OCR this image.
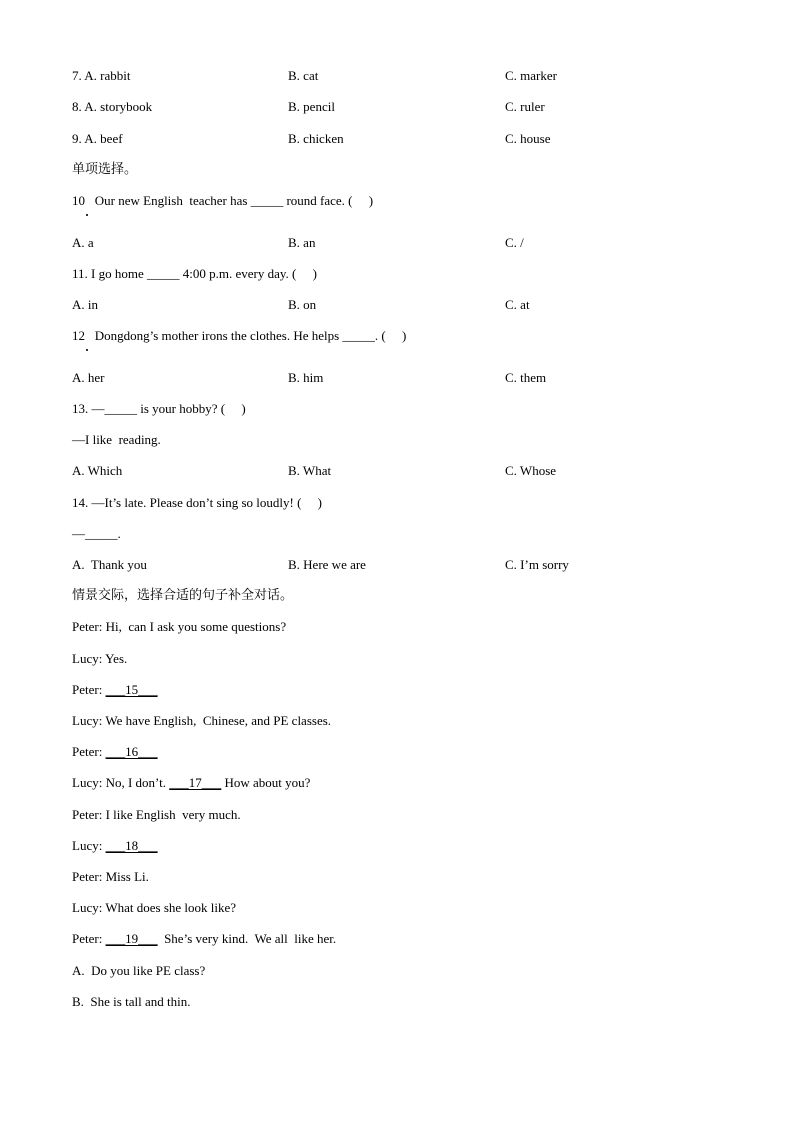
7. A. rabbit	B. cat	C. marker
8. A. storybook	B. pencil	C. ruler
9. A. beef	B. chicken	C. house
单项选择。
10   Our new English  teacher has _____ round face. (     )
A. a	B. an	C. /
11. I go home _____ 4:00 p.m. every day. (     )
A. in	B. on	C. at
12   Dongdong’s mother irons the clothes. He helps _____. (     )
A. her	B. him	C. them
13. —_____ is your hobby? (     )
—I like  reading.
A. Which	B. What	C. Whose
14. —It’s late. Please don’t sing so loudly! (     )
—_____.
A.  Thank you	B. Here we are	C. I’m sorry
情景交际，选择合适的句子补全对话。
Peter: Hi,  can I ask you some questions?
Lucy: Yes.
Peter: ___15___
Lucy: We have English,  Chinese, and PE classes.
Peter: ___16___
Lucy: No, I don’t. ___17___ How about you?
Peter: I like English  very much.
Lucy: ___18___
Peter: Miss Li.
Lucy: What does she look like?
Peter: ___19___  She’s very kind.  We all  like her.
A.  Do you like PE class?
B.  She is tall and thin.
